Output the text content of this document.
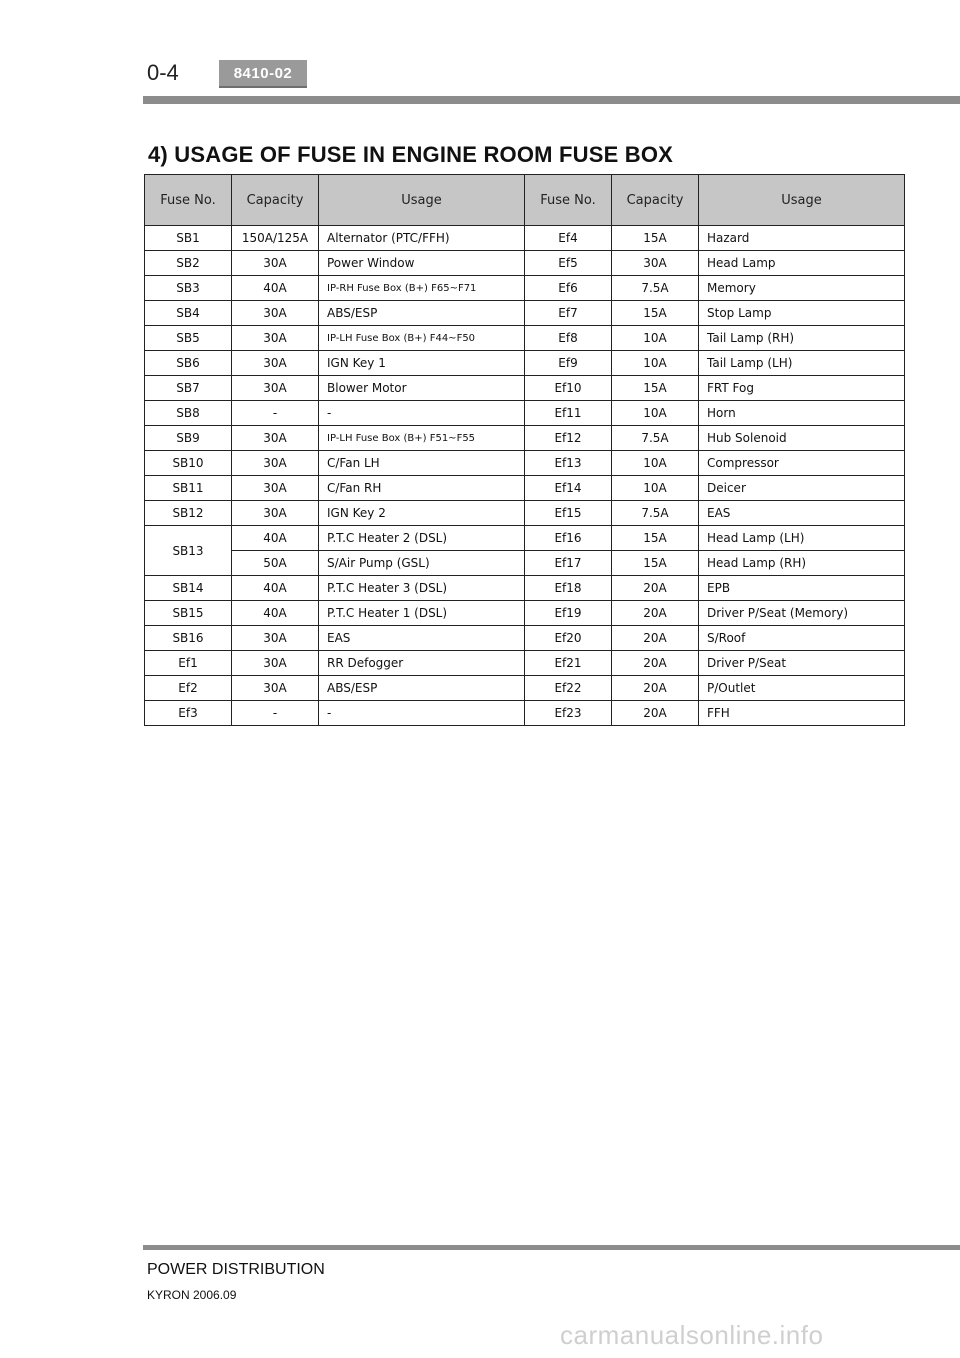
0-4	8410-02
4) USAGE OF FUSE IN ENGINE ROOM FUSE BOX
Fuse No.	Capacity	Usage	Fuse No.	Capacity	Usage
SB1	150A/125A	Alternator (PTC/FFH)	Ef4	15A	Hazard
SB2	30A	Power Window	Ef5	30A	Head Lamp
SB3	40A	IP-RH Fuse Box (B+) F65~F71	Ef6	7.5A	Memory
SB4	30A	ABS/ESP	Ef7	15A	Stop Lamp
SB5	30A	IP-LH Fuse Box (B+) F44~F50	Ef8	10A	Tail Lamp (RH)
SB6	30A	IGN Key 1	Ef9	10A	Tail Lamp (LH)
SB7	30A	Blower Motor	Ef10	15A	FRT Fog
SB8	-	-	Ef11	10A	Horn
SB9	30A	IP-LH Fuse Box (B+) F51~F55	Ef12	7.5A	Hub Solenoid
SB10	30A	C/Fan LH	Ef13	10A	Compressor
SB11	30A	C/Fan RH	Ef14	10A	Deicer
SB12	30A	IGN Key 2	Ef15	7.5A	EAS
SB13	40A	P.T.C Heater 2 (DSL)	Ef16	15A	Head Lamp (LH)
	50A	S/Air Pump (GSL)	Ef17	15A	Head Lamp (RH)
SB14	40A	P.T.C Heater 3 (DSL)	Ef18	20A	EPB
SB15	40A	P.T.C Heater 1 (DSL)	Ef19	20A	Driver P/Seat (Memory)
SB16	30A	EAS	Ef20	20A	S/Roof
Ef1	30A	RR Defogger	Ef21	20A	Driver P/Seat
Ef2	30A	ABS/ESP	Ef22	20A	P/Outlet
Ef3	-	-	Ef23	20A	FFH
POWER DISTRIBUTION
KYRON 2006.09
carmanualsonline.info
